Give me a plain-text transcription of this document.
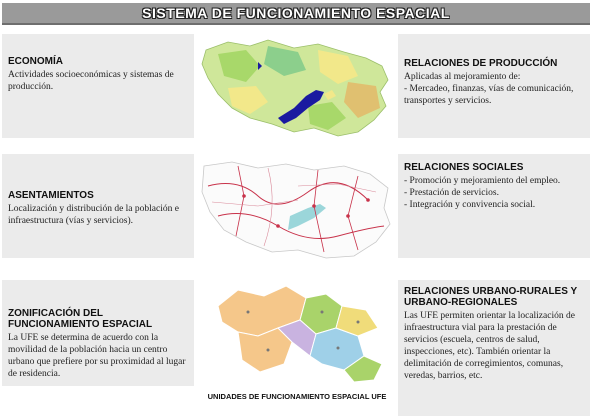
SISTEMA DE FUNCIONAMIENTO ESPACIAL
ECONOMÍA

Actividades socioeconómicas y sistemas de producción.

ASENTAMIENTOS

Localización y distribución de la población e infraestructura (vías y servicios).

ZONIFICACIÓN DEL FUNCIONAMIENTO ESPACIAL

La UFE se determina de acuerdo con la movilidad de la población hacia un centro urbano que prefiere por su proximidad al lugar de residencia.

RELACIONES DE PRODUCCIÓN

Aplicadas al mejoramiento de:

- Mercadeo, finanzas, vías de comunicación, transportes y servicios.
RELACIONES SOCIALES
- Promoción y mejoramiento del empleo.
- Prestación de servicios.
- Integración y convivencia social.
RELACIONES URBANO-RURALES Y URBANO-REGIONALES

Las UFE permiten orientar la localización de infraestructura vial para la prestación de servicios (escuela, centros de salud, inspecciones, etc). También orientar la delimitación de corregimientos, comunas, veredas, barrios, etc.

UNIDADES DE FUNCIONAMIENTO ESPACIAL UFE
